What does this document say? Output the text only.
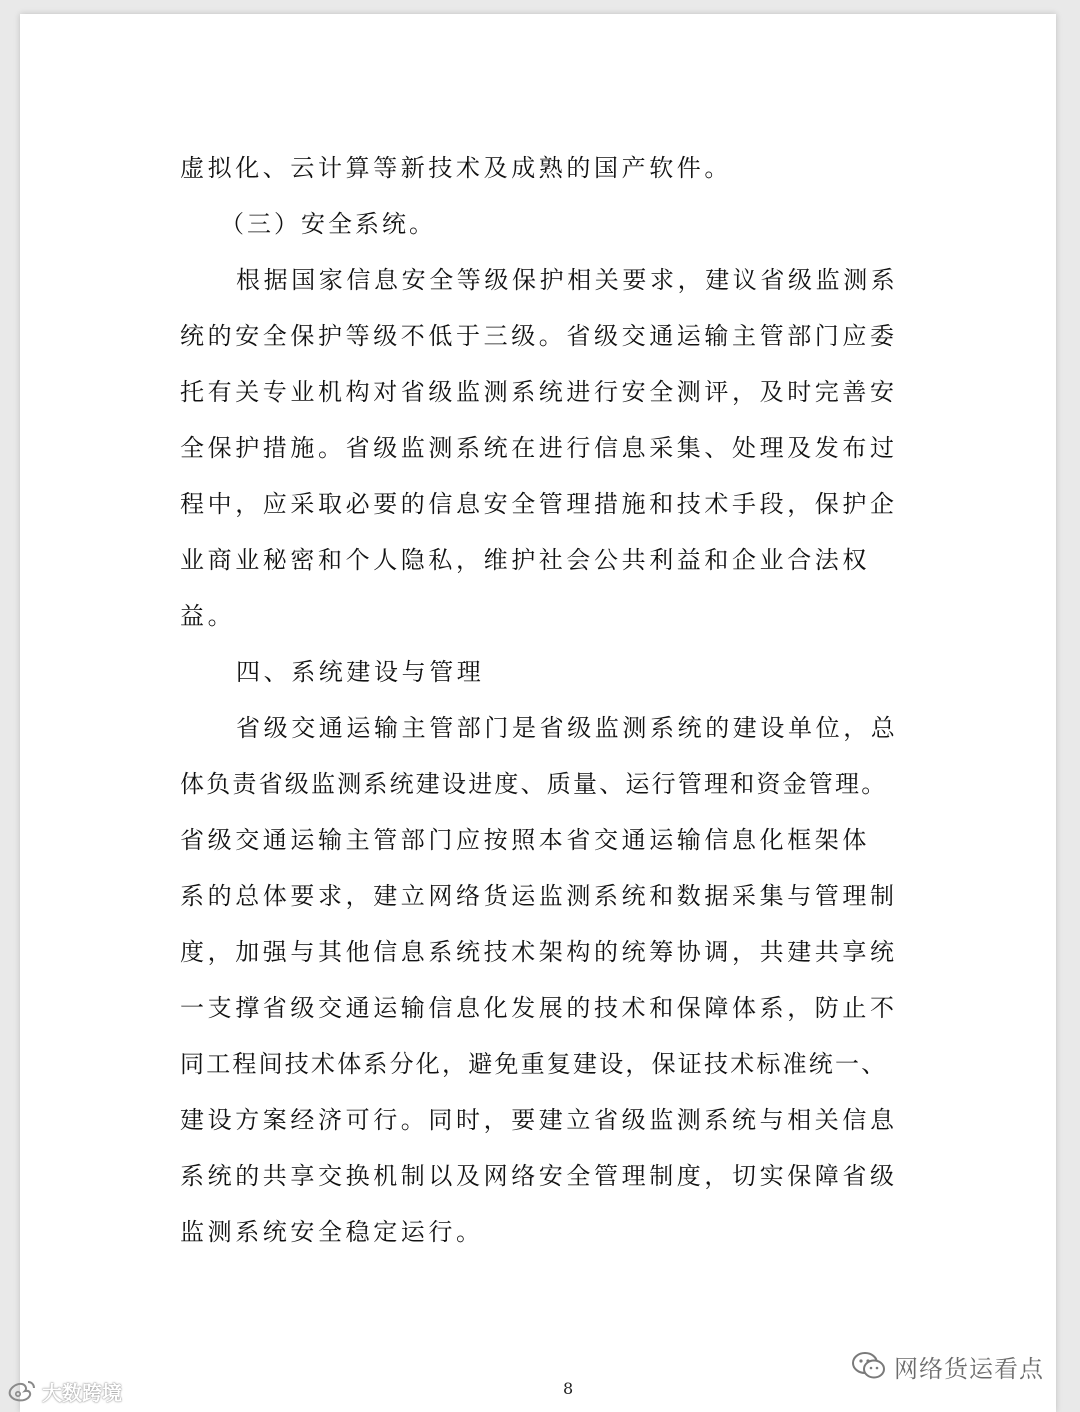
虚拟化、云计算等新技术及成熟的国产软件。
（三）安全系统。
根据国家信息安全等级保护相关要求，建议省级监测系
统的安全保护等级不低于三级。省级交通运输主管部门应委
托有关专业机构对省级监测系统进行安全测评，及时完善安
全保护措施。省级监测系统在进行信息采集、处理及发布过
程中，应采取必要的信息安全管理措施和技术手段，保护企
业商业秘密和个人隐私，维护社会公共利益和企业合法权
益。
四、系统建设与管理
省级交通运输主管部门是省级监测系统的建设单位，总
体负责省级监测系统建设进度、质量、运行管理和资金管理。
省级交通运输主管部门应按照本省交通运输信息化框架体
系的总体要求，建立网络货运监测系统和数据采集与管理制
度，加强与其他信息系统技术架构的统筹协调，共建共享统
一支撑省级交通运输信息化发展的技术和保障体系，防止不
同工程间技术体系分化，避免重复建设，保证技术标准统一、
建设方案经济可行。同时，要建立省级监测系统与相关信息
系统的共享交换机制以及网络安全管理制度，切实保障省级
监测系统安全稳定运行。
8
网络货运看点
大数跨境
